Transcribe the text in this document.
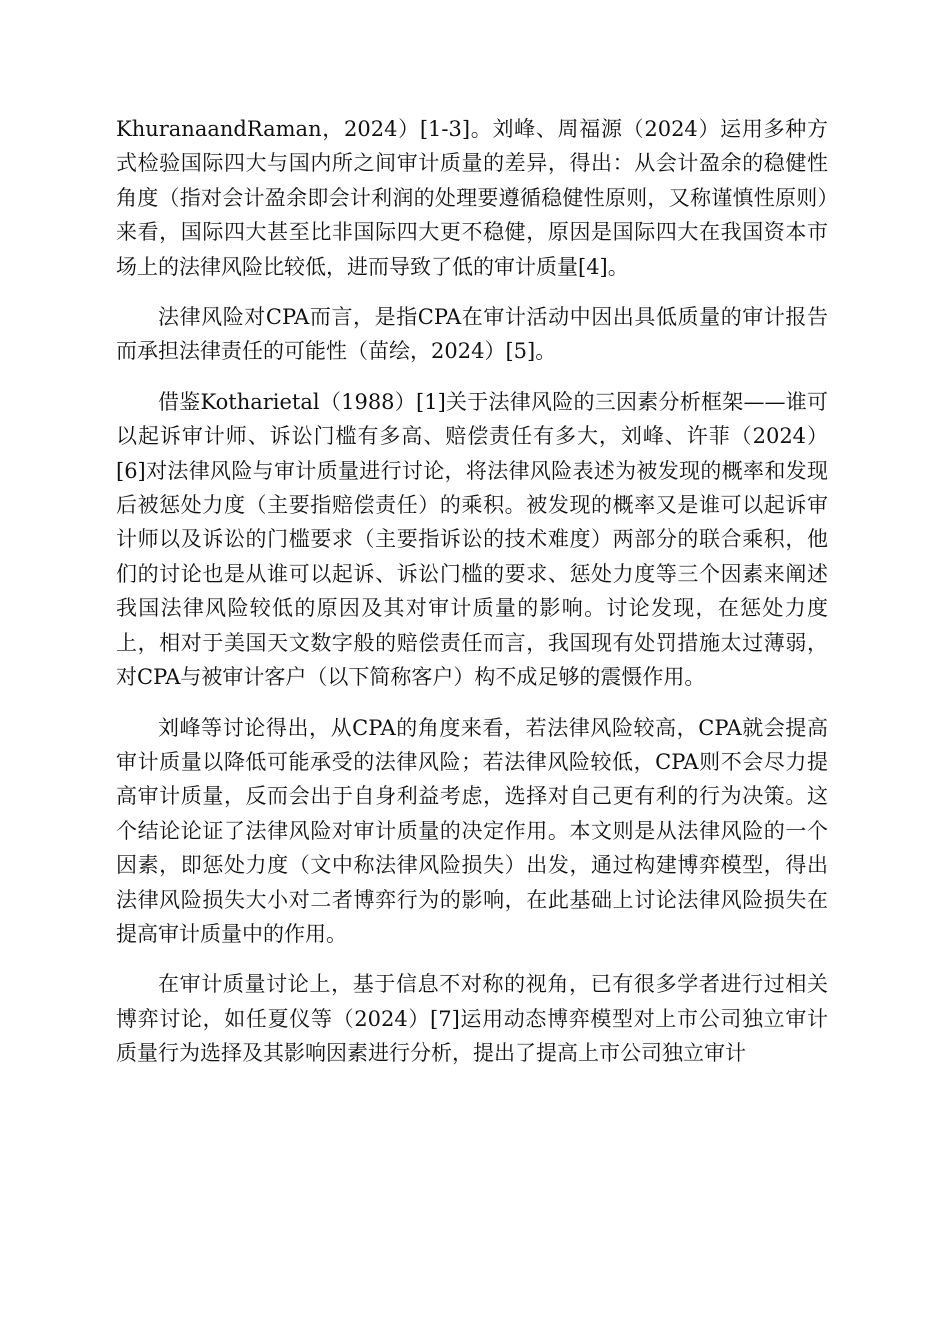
KhuranaandRaman，2024）[1-3]。刘峰、周福源（2024）运用多种方式检验国际四大与国内所之间审计质量的差异，得出：从会计盈余的稳健性角度（指对会计盈余即会计利润的处理要遵循稳健性原则，又称谨慎性原则）来看，国际四大甚至比非国际四大更不稳健，原因是国际四大在我国资本市场上的法律风险比较低，进而导致了低的审计质量[4]。

法律风险对CPA而言，是指CPA在审计活动中因出具低质量的审计报告而承担法律责任的可能性（苗绘，2024）[5]。

借鉴Kotharietal（1988）[1]关于法律风险的三因素分析框架——谁可以起诉审计师、诉讼门槛有多高、赔偿责任有多大，刘峰、许菲（2024）[6]对法律风险与审计质量进行讨论，将法律风险表述为被发现的概率和发现后被惩处力度（主要指赔偿责任）的乘积。被发现的概率又是谁可以起诉审计师以及诉讼的门槛要求（主要指诉讼的技术难度）两部分的联合乘积，他们的讨论也是从谁可以起诉、诉讼门槛的要求、惩处力度等三个因素来阐述我国法律风险较低的原因及其对审计质量的影响。讨论发现，在惩处力度上，相对于美国天文数字般的赔偿责任而言，我国现有处罚措施太过薄弱，对CPA与被审计客户（以下简称客户）构不成足够的震慑作用。

刘峰等讨论得出，从CPA的角度来看，若法律风险较高，CPA就会提高审计质量以降低可能承受的法律风险；若法律风险较低，CPA则不会尽力提高审计质量，反而会出于自身利益考虑，选择对自己更有利的行为决策。这个结论论证了法律风险对审计质量的决定作用。本文则是从法律风险的一个因素，即惩处力度（文中称法律风险损失）出发，通过构建博弈模型，得出法律风险损失大小对二者博弈行为的影响，在此基础上讨论法律风险损失在提高审计质量中的作用。

在审计质量讨论上，基于信息不对称的视角，已有很多学者进行过相关博弈讨论，如任夏仪等（2024）[7]运用动态博弈模型对上市公司独立审计质量行为选择及其影响因素进行分析，提出了提高上市公司独立审计
